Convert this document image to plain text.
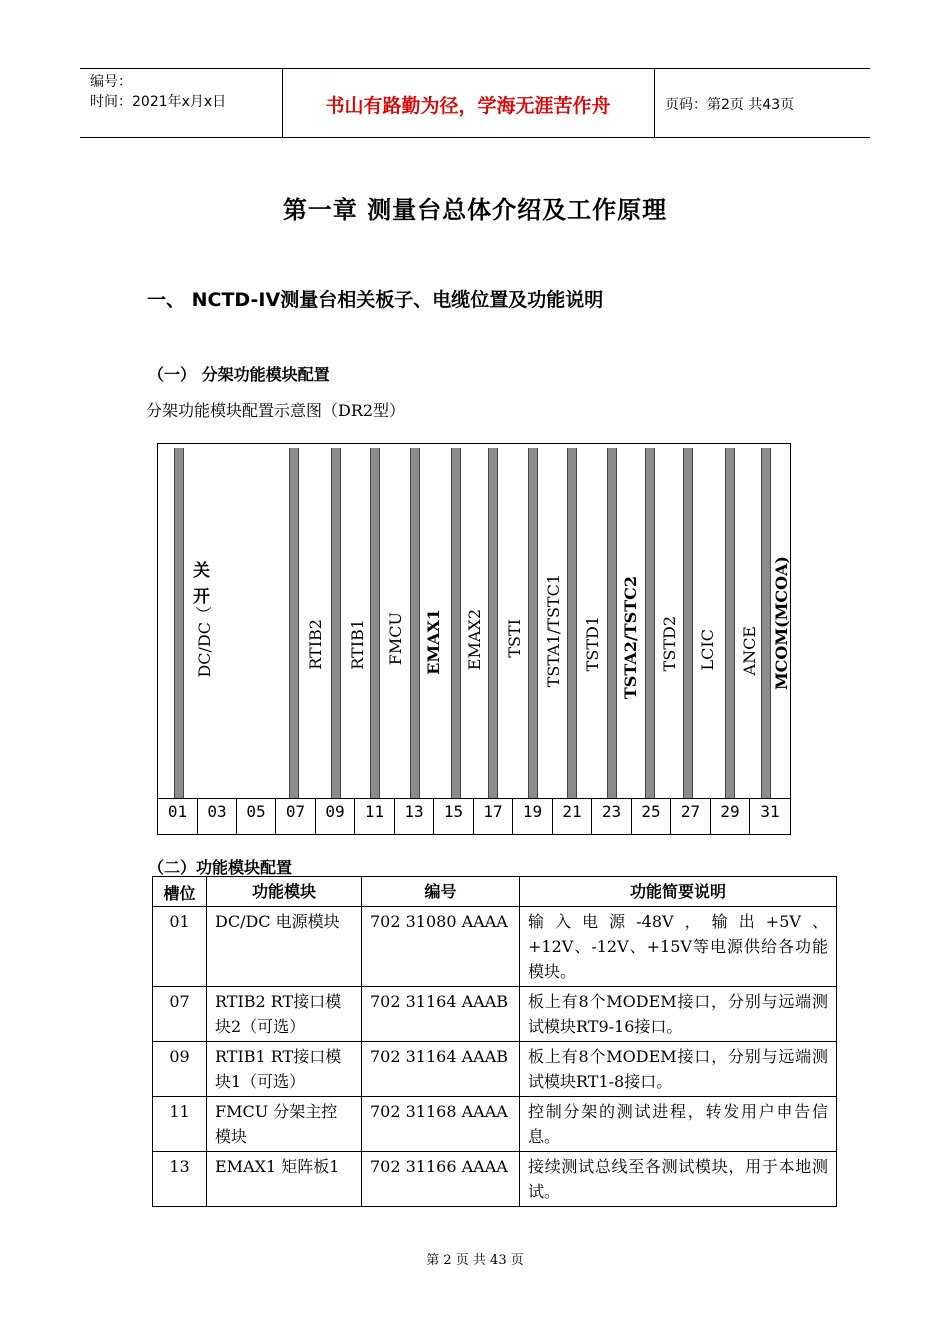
编号：
时间：2021年x月x日	书山有路勤为径，学海无涯苦作舟	页码：第2页 共43页
第一章 测量台总体介绍及工作原理
一、 NCTD-IV测量台相关板子、电缆位置及功能说明
（一） 分架功能模块配置
分架功能模块配置示意图（DR2型）
关
开
DC/DC（	RTIB2 RTIB1 FMCU EMAX1 EMAX2 TSTI TSTA1/TSTC1 TSTD1 TSTA2/TSTC2 TSTD2 LCIC ANCE MCOM(MCOA)
01	03	05	07	09	11	13	15	17	19	21	23	25	27	29	31
（二）功能模块配置
槽位	功能模块	编号	功能简要说明
01	DC/DC 电源模块	702 31080 AAAA	输入电源-48V，输出+5V、+12V、-12V、+15V等电源供给各功能模块。
07	RTIB2 RT接口模块2（可选）	702 31164 AAAB	板上有8个MODEM接口，分别与远端测试模块RT9-16接口。
09	RTIB1 RT接口模块1（可选）	702 31164 AAAB	板上有8个MODEM接口，分别与远端测试模块RT1-8接口。
11	FMCU 分架主控模块	702 31168 AAAA	控制分架的测试进程，转发用户申告信息。
13	EMAX1 矩阵板1	702 31166 AAAA	接续测试总线至各测试模块，用于本地测试。
第 2 页 共 43 页
